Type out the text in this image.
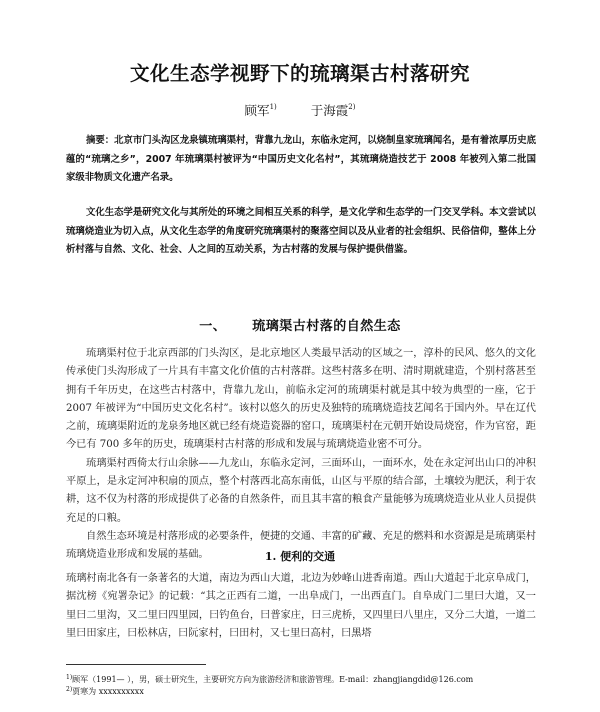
文化生态学视野下的琉璃渠古村落研究
顾军$^{1)}$	于海霞$^{2)}$

摘要：北京市门头沟区龙泉镇琉璃渠村，背靠九龙山，东临永定河，以烧制皇家琉璃闻名，是有着浓厚历史底蕴的“琉璃之乡”，2007 年琉璃渠村被评为“中国历史文化名村”，其琉璃烧造技艺于 2008 年被列入第二批国家级非物质文化遗产名录。

文化生态学是研究文化与其所处的环境之间相互关系的科学，是文化学和生态学的一门交叉学科。本文尝试以琉璃烧造业为切入点，从文化生态学的角度研究琉璃渠村的聚落空间以及从业者的社会组织、民俗信仰，整体上分析村落与自然、文化、社会、人之间的互动关系，为古村落的发展与保护提供借鉴。

一、 琉璃渠古村落的自然生态

琉璃渠村位于北京西部的门头沟区，是北京地区人类最早活动的区域之一，淳朴的民风、悠久的文化传承使门头沟形成了一片具有丰富文化价值的古村落群。这些村落多在明、清时期就建造，个别村落甚至拥有千年历史，在这些古村落中，背靠九龙山，前临永定河的琉璃渠村就是其中较为典型的一座，它于 2007 年被评为“中国历史文化名村”。该村以悠久的历史及独特的琉璃烧造技艺闻名于国内外。早在辽代之前，琉璃渠附近的龙泉务地区就已经有烧造瓷器的窑口，琉璃渠村在元朝开始设局烧窑，作为官窑，距今已有 700 多年的历史，琉璃渠村古村落的形成和发展与琉璃烧造业密不可分。

琉璃渠村西倚太行山余脉——九龙山，东临永定河，三面环山，一面环水，处在永定河出山口的冲积平原上，是永定河冲积扇的顶点，整个村落西北高东南低，山区与平原的结合部，土壤较为肥沃，利于农耕，这不仅为村落的形成提供了必备的自然条件，而且其丰富的粮食产量能够为琉璃烧造业从业人员提供充足的口粮。

自然生态环境是村落形成的必要条件，便捷的交通、丰富的矿藏、充足的燃料和水资源是是琉璃渠村琉璃烧造业形成和发展的基础。	1. 便利的交通

琉璃村南北各有一条著名的大道，南边为西山大道，北边为妙峰山进香南道。西山大道起于北京阜成门，据沈榜《宛署杂记》的记载：“其之正西有二道，一出阜成门，一出西直门。自阜成门二里曰大道，又一里曰二里沟，又二里曰四里园，曰钓鱼台，曰普家庄，曰三虎桥，又四里曰八里庄，又分二大道，一道二里曰田家庄，曰松林店，曰阮家村，曰田村，又七里曰高村，曰黑塔

$^{1)}$顾军（1991— ），男，硕士研究生，主要研究方向为旅游经济和旅游管理。E-mail：zhangjiangdid@126.com
$^{2)}$贾寒为 xxxxxxxxxx
